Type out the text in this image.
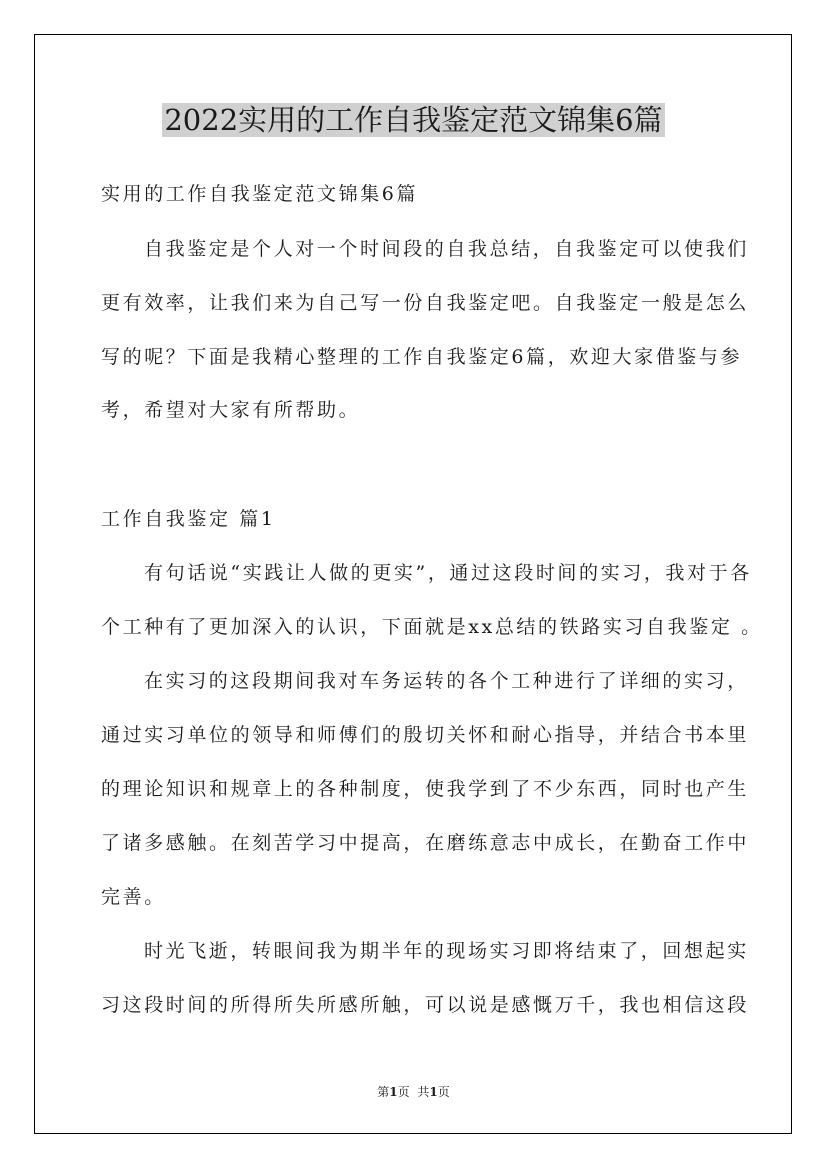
2022实用的工作自我鉴定范文锦集6篇

实用的工作自我鉴定范文锦集6篇

自我鉴定是个人对一个时间段的自我总结，自我鉴定可以使我们

更有效率，让我们来为自己写一份自我鉴定吧。自我鉴定一般是怎么

写的呢？下面是我精心整理的工作自我鉴定6篇，欢迎大家借鉴与参

考，希望对大家有所帮助。

工作自我鉴定 篇1

有句话说“实践让人做的更实”，通过这段时间的实习，我对于各

个工种有了更加深入的认识，下面就是xx总结的铁路实习自我鉴定 。

在实习的这段期间我对车务运转的各个工种进行了详细的实习，

通过实习单位的领导和师傅们的殷切关怀和耐心指导，并结合书本里

的理论知识和规章上的各种制度，使我学到了不少东西，同时也产生

了诸多感触。在刻苦学习中提高，在磨练意志中成长，在勤奋工作中

完善。

时光飞逝，转眼间我为期半年的现场实习即将结束了，回想起实

习这段时间的所得所失所感所触，可以说是感慨万千，我也相信这段

第1页 共1页
